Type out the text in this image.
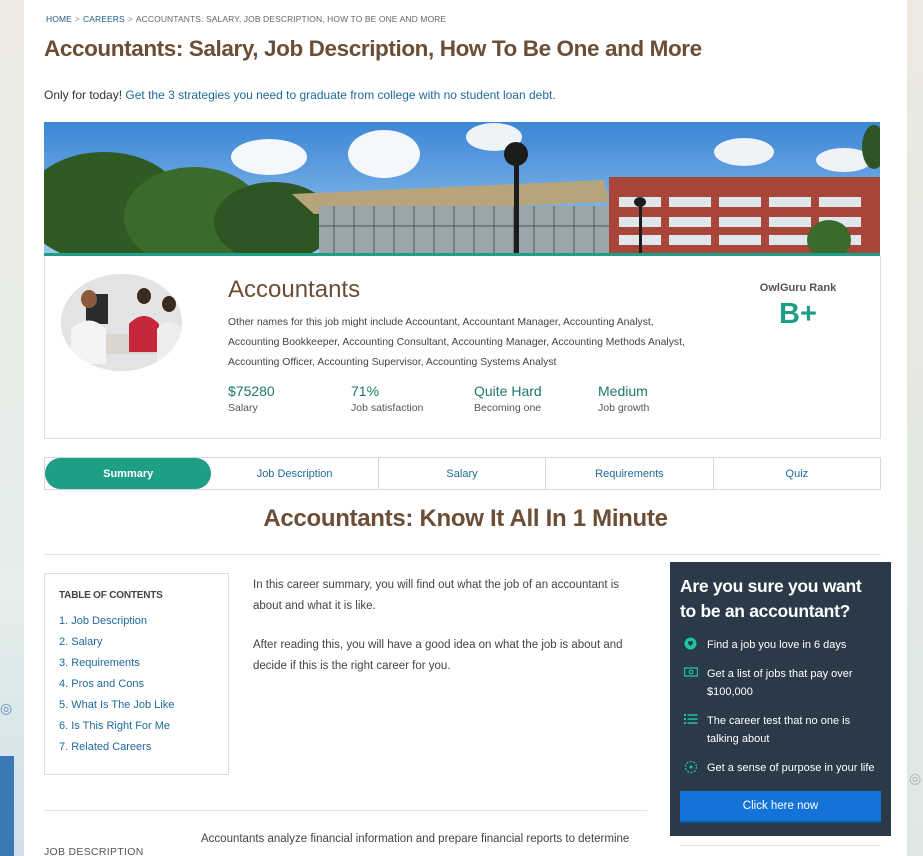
◎
◎
HOME > CAREERS > ACCOUNTANTS: SALARY, JOB DESCRIPTION, HOW TO BE ONE AND MORE
Accountants: Salary, Job Description, How To Be One and More
Only for today! Get the 3 strategies you need to graduate from college with no student loan debt.
Accountants
Other names for this job might include Accountant, Accountant Manager, Accounting Analyst, Accounting Bookkeeper, Accounting Consultant, Accounting Manager, Accounting Methods Analyst, Accounting Officer, Accounting Supervisor, Accounting Systems Analyst
$75280
Salary
71%
Job satisfaction
Quite Hard
Becoming one
Medium
Job growth
OwlGuru Rank
B+
Summary	Job Description	Salary	Requirements	Quiz
Accountants: Know It All In 1 Minute
TABLE OF CONTENTS
1. Job Description
2. Salary
3. Requirements
4. Pros and Cons
5. What Is The Job Like
6. Is This Right For Me
7. Related Careers

In this career summary, you will find out what the job of an accountant is about and what it is like.

After reading this, you will have a good idea on what the job is about and decide if this is the right career for you.

JOB DESCRIPTION
Accountants analyze financial information and prepare financial reports to determine
Are you sure you want to be an accountant?
Find a job you love in 6 days
Get a list of jobs that pay over $100,000
The career test that no one is talking about
Get a sense of purpose in your life
Click here now
